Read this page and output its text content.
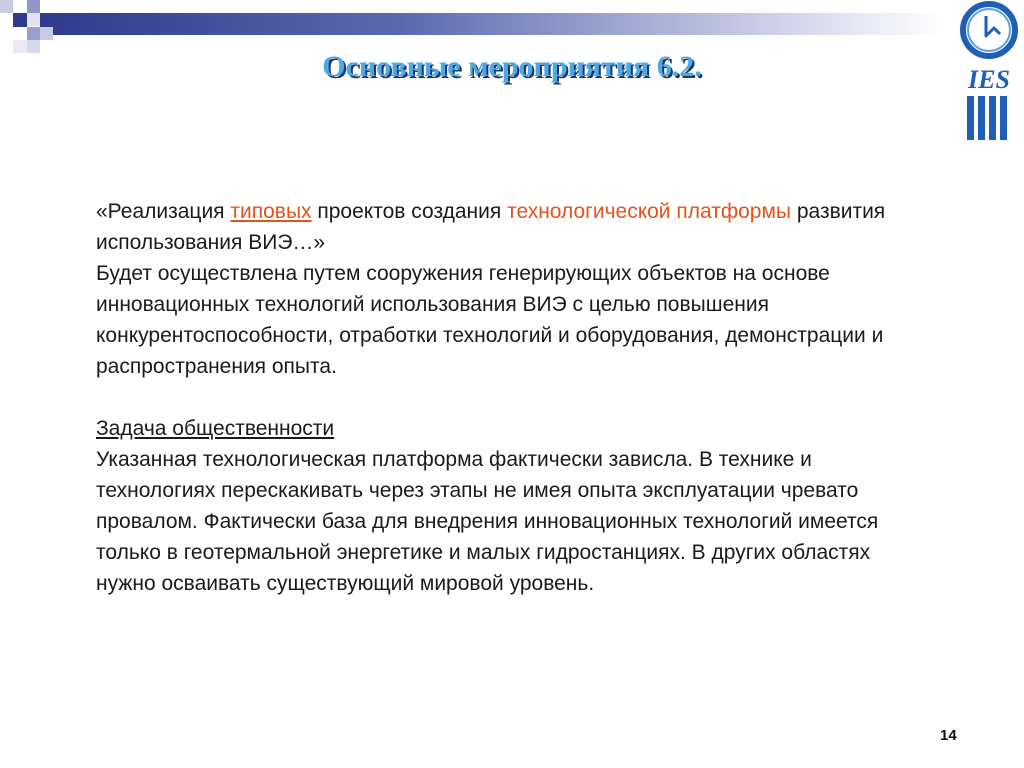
Основные мероприятия 6.2.	IES

«Реализация типовых проектов создания технологической платформы развития использования ВИЭ…»

Будет осуществлена путем сооружения генерирующих объектов на основе инновационных технологий использования ВИЭ с целью повышения конкурентоспособности, отработки технологий и оборудования, демонстрации и распространения опыта.

Задача общественности

Указанная технологическая платформа фактически зависла. В технике и технологиях перескакивать через этапы не имея опыта эксплуатации чревато провалом. Фактически база для внедрения инновационных технологий имеется только в геотермальной энергетике и малых гидростанциях. В других областях нужно осваивать существующий мировой уровень.

14
